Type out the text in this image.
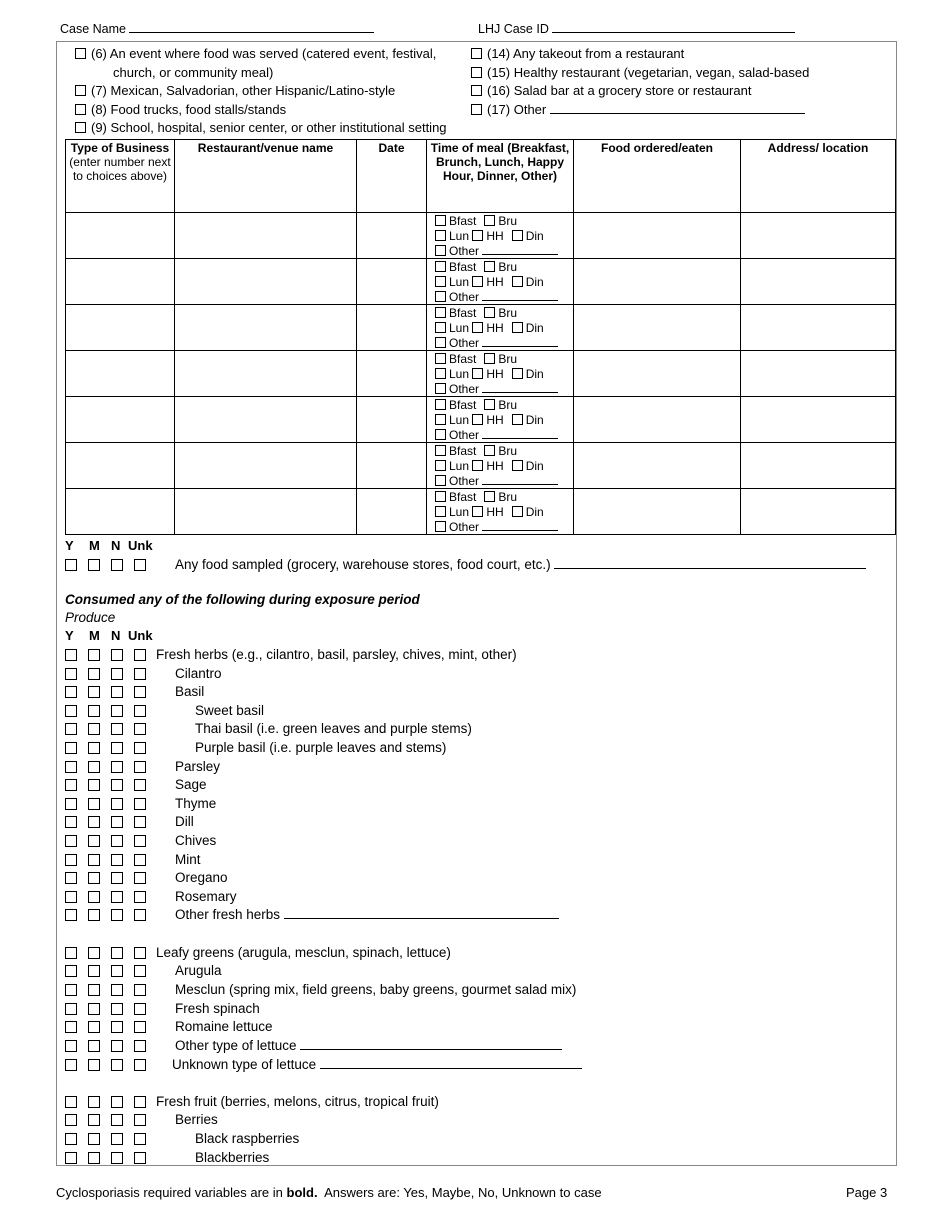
Case Name	LHJ Case ID
(6) An event where food was served (catered event, festival,
church, or community meal)
(7) Mexican, Salvadorian, other Hispanic/Latino-style
(8) Food trucks, food stalls/stands
(9) School, hospital, senior center, or other institutional setting
(14) Any takeout from a restaurant
(15) Healthy restaurant (vegetarian, vegan, salad-based
(16) Salad bar at a grocery store or restaurant
(17) Other
Type of Business
(enter number next to choices above)	Restaurant/venue name	Date	Time of meal (Breakfast, Brunch, Lunch, Happy Hour, Dinner, Other)	Food ordered/eaten	Address/ location

			Bfast Bru
Lun HH Din
Other		

			Bfast Bru
Lun HH Din
Other		

			Bfast Bru
Lun HH Din
Other		

			Bfast Bru
Lun HH Din
Other		

			Bfast Bru
Lun HH Din
Other		

			Bfast Bru
Lun HH Din
Other		

			Bfast Bru
Lun HH Din
Other		

Y M N Unk
Any food sampled (grocery, warehouse stores, food court, etc.)
Consumed any of the following during exposure period
Produce
Y M N Unk
Fresh herbs (e.g., cilantro, basil, parsley, chives, mint, other)
Cilantro
Basil
Sweet basil
Thai basil (i.e. green leaves and purple stems)
Purple basil (i.e. purple leaves and stems)
Parsley
Sage
Thyme
Dill
Chives
Mint
Oregano
Rosemary
Other fresh herbs
Leafy greens (arugula, mesclun, spinach, lettuce)
Arugula
Mesclun (spring mix, field greens, baby greens, gourmet salad mix)
Fresh spinach
Romaine lettuce
Other type of lettuce
Unknown type of lettuce
Fresh fruit (berries, melons, citrus, tropical fruit)
Berries
Black raspberries
Blackberries
Cyclosporiasis required variables are in bold. Answers are: Yes, Maybe, No, Unknown to case	Page 3
